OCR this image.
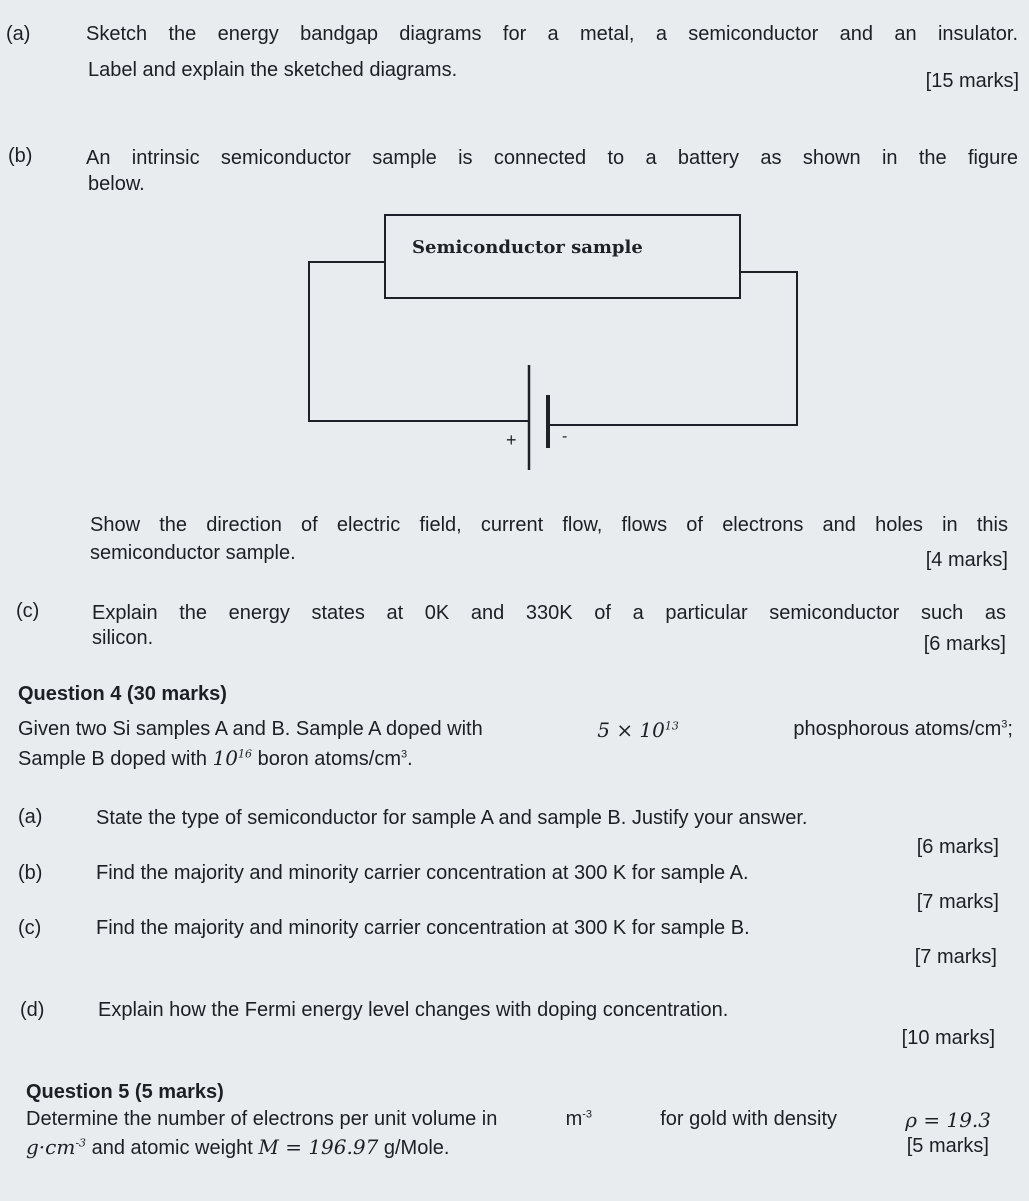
(a)	Sketch the energy bandgap diagrams for a metal, a semiconductor and an insulator.
Label and explain the sketched diagrams.	[15 marks]
(b)	An intrinsic semiconductor sample is connected to a battery as shown in the figure
below.
Semiconductor sample
+	-
Show the direction of electric field, current flow, flows of electrons and holes in this
semiconductor sample.	[4 marks]
(c)	Explain the energy states at 0K and 330K of a particular semiconductor such as
silicon.	[6 marks]
Question 4 (30 marks)
Given two Si samples A and B. Sample A doped with	$5 \times 10^{13}$	phosphorous atoms/$cm^3$;
Sample B doped with $10^{16}$ boron atoms/$cm^3$.
(a)	State the type of semiconductor for sample A and sample B. Justify your answer.
[6 marks]
(b)	Find the majority and minority carrier concentration at 300 K for sample A.
[7 marks]
(c)	Find the majority and minority carrier concentration at 300 K for sample B.
[7 marks]
(d)	Explain how the Fermi energy level changes with doping concentration.
[10 marks]
Question 5 (5 marks)
Determine the number of electrons per unit volume in	$m^{-3}$	for gold with density	ρ = 19.3
$g\cdot cm^{-3}$ and atomic weight M = 196.97 g/Mole.	[5 marks]
